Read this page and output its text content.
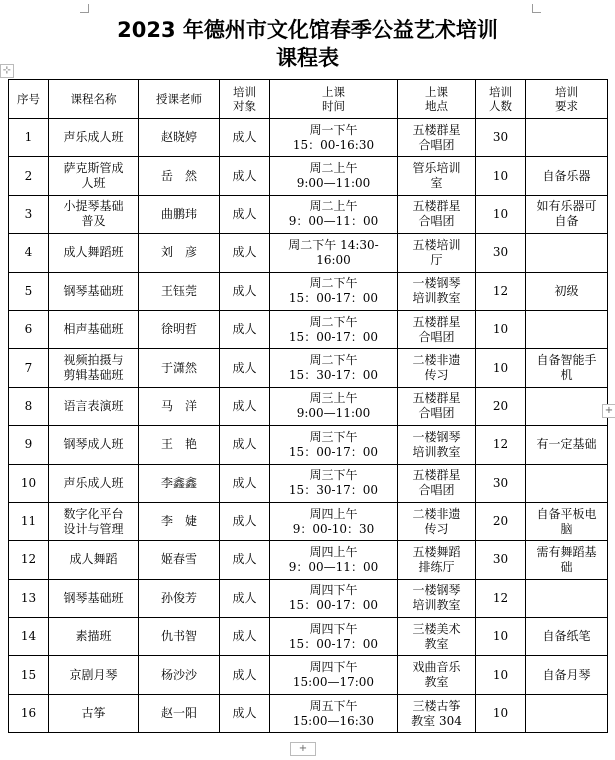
⊹
2023 年德州市文化馆春季公益艺术培训
课程表
序号	课程名称	授课老师	培训
对象	上课
时间	上课
地点	培训
人数	培训
要求
1	声乐成人班	赵晓婷	成人	周一下午
15：00-16:30	五楼群星
合唱团	30	
2	萨克斯管成
人班	岳　然	成人	周二上午
9:00—11:00	管乐培训
室	10	自备乐器
3	小提琴基础
普及	曲鹏玮	成人	周二上午
9：00—11：00	五楼群星
合唱团	10	如有乐器可
自备
4	成人舞蹈班	刘　彦	成人	周二下午 14:30-16:00	五楼培训
厅	30	
5	钢琴基础班	王钰莞	成人	周二下午
15：00-17：00	一楼钢琴
培训教室	12	初级
6	相声基础班	徐明哲	成人	周二下午
15：00-17：00	五楼群星
合唱团	10	
7	视频拍摄与
剪辑基础班	于潇然	成人	周二下午
15：30-17：00	二楼非遗
传习	10	自备智能手
机
8	语言表演班	马　洋	成人	周三上午
9:00—11:00	五楼群星
合唱团	20	
9	钢琴成人班	王　艳	成人	周三下午
15：00-17：00	一楼钢琴
培训教室	12	有一定基础
10	声乐成人班	李鑫鑫	成人	周三下午
15：30-17：00	五楼群星
合唱团	30	
11	数字化平台
设计与管理	李　婕	成人	周四上午
9：00-10：30	二楼非遗
传习	20	自备平板电
脑
12	成人舞蹈	姬春雪	成人	周四上午
9：00—11：00	五楼舞蹈
排练厅	30	需有舞蹈基
础
13	钢琴基础班	孙俊芳	成人	周四下午
15：00-17：00	一楼钢琴
培训教室	12	
14	素描班	仇书智	成人	周四下午
15：00-17：00	三楼美术
教室	10	自备纸笔
15	京剧月琴	杨沙沙	成人	周四下午
15:00—17:00	戏曲音乐
教室	10	自备月琴
16	古筝	赵一阳	成人	周五下午
15:00—16:30	三楼古筝
教室 304	10	
+
+
